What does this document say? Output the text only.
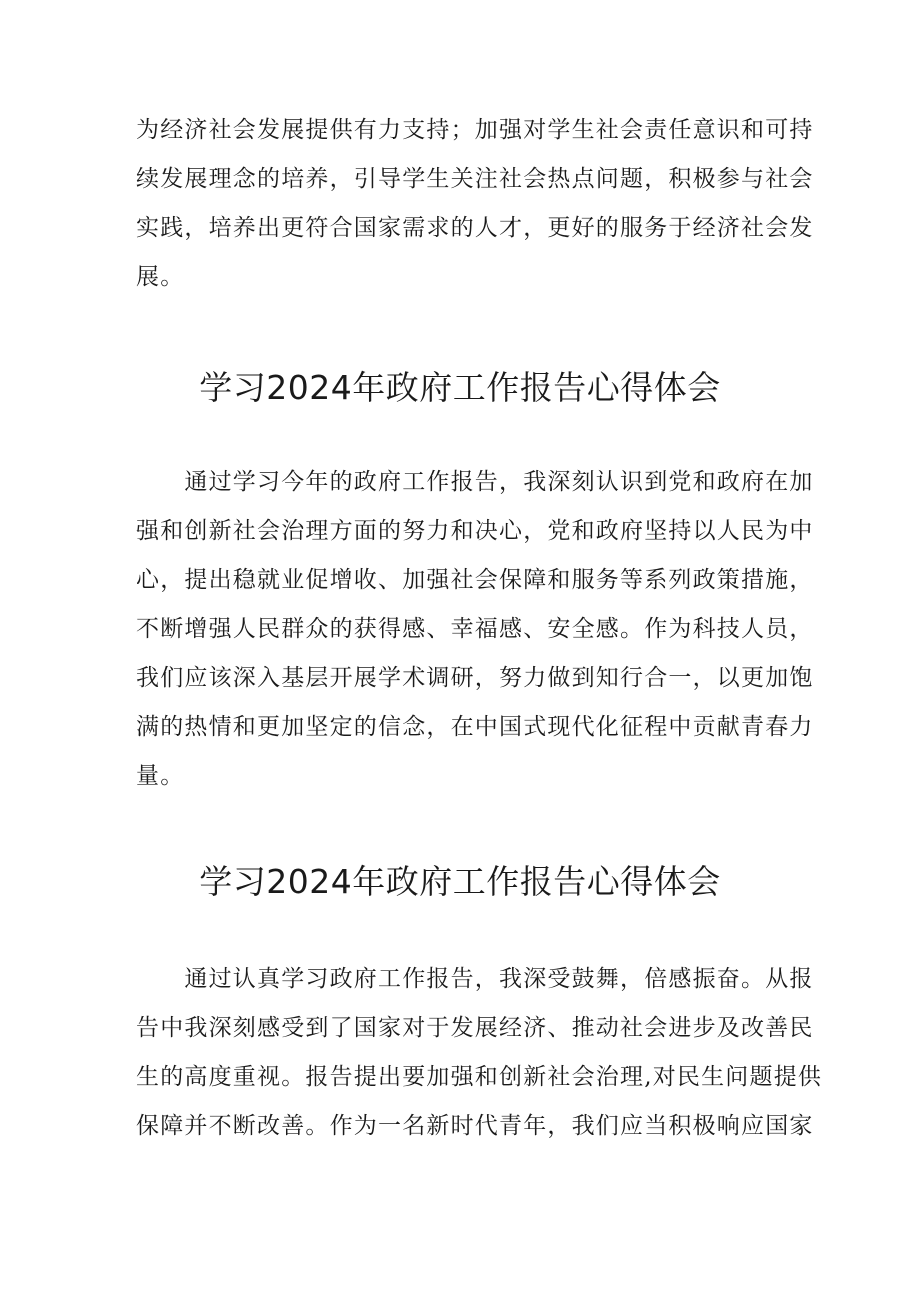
为经济社会发展提供有力支持；加强对学生社会责任意识和可持
续发展理念的培养，引导学生关注社会热点问题，积极参与社会
实践，培养出更符合国家需求的人才，更好的服务于经济社会发
展。

学习2024年政府工作报告心得体会

　　通过学习今年的政府工作报告，我深刻认识到党和政府在加
强和创新社会治理方面的努力和决心，党和政府坚持以人民为中
心，提出稳就业促增收、加强社会保障和服务等系列政策措施，
不断增强人民群众的获得感、幸福感、安全感。作为科技人员，
我们应该深入基层开展学术调研，努力做到知行合一，以更加饱
满的热情和更加坚定的信念，在中国式现代化征程中贡献青春力
量。

学习2024年政府工作报告心得体会

　　通过认真学习政府工作报告，我深受鼓舞，倍感振奋。从报
告中我深刻感受到了国家对于发展经济、推动社会进步及改善民
生的高度重视。报告提出要加强和创新社会治理,对民生问题提供
保障并不断改善。作为一名新时代青年，我们应当积极响应国家
